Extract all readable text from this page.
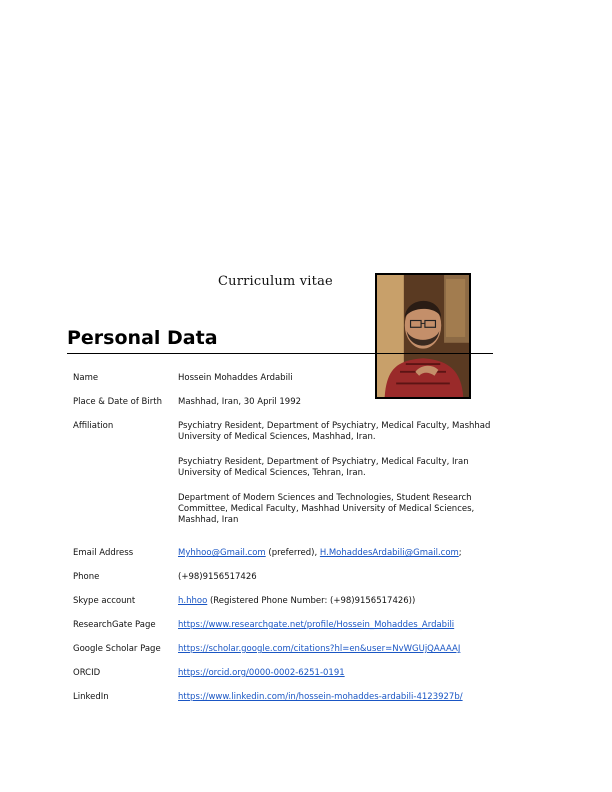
Curriculum vitae
Personal Data
Name	Hossein Mohaddes Ardabili
Place & Date of Birth	Mashhad, Iran, 30 April 1992
Affiliation	Psychiatry Resident, Department of Psychiatry, Medical Faculty, Mashhad University of Medical Sciences, Mashhad, Iran.

Psychiatry Resident, Department of Psychiatry, Medical Faculty, Iran University of Medical Sciences, Tehran, Iran.

Department of Modern Sciences and Technologies, Student Research Committee, Medical Faculty, Mashhad University of Medical Sciences, Mashhad, Iran

Email Address	Myhhoo@Gmail.com (preferred), H.MohaddesArdabili@Gmail.com;
Phone	(+98)9156517426
Skype account	h.hhoo (Registered Phone Number: (+98)9156517426))
ResearchGate Page	https://www.researchgate.net/profile/Hossein_Mohaddes_Ardabili
Google Scholar Page	https://scholar.google.com/citations?hl=en&user=NvWGUjQAAAAJ
ORCID	https://orcid.org/0000-0002-6251-0191
LinkedIn	https://www.linkedin.com/in/hossein-mohaddes-ardabili-4123927b/
